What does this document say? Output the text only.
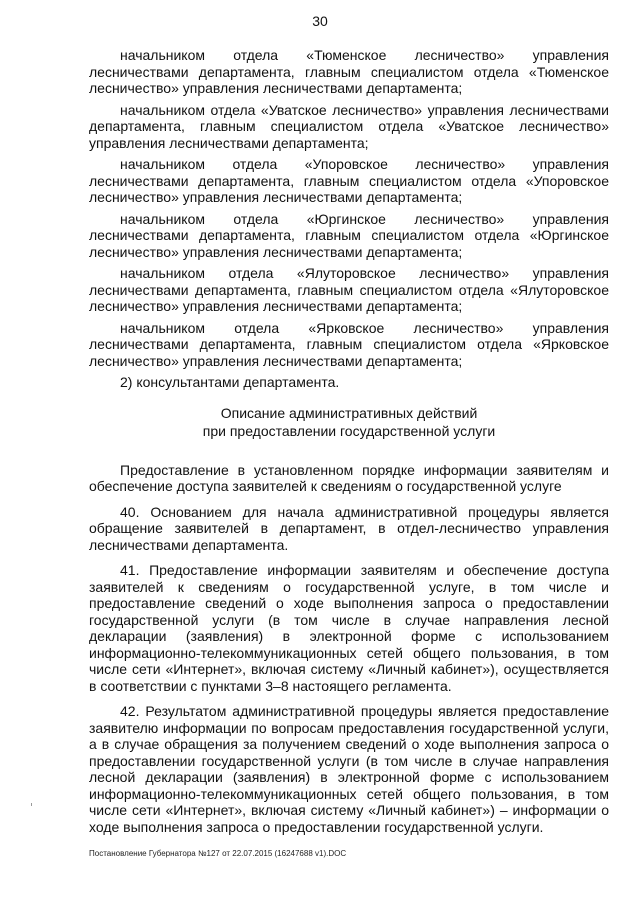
30

начальником отдела «Тюменское лесничество» управления лесничествами департамента, главным специалистом отдела «Тюменское лесничество» управления лесничествами департамента;

начальником отдела «Уватское лесничество» управления лесничествами департамента, главным специалистом отдела «Уватское лесничество» управления лесничествами департамента;

начальником отдела «Упоровское лесничество» управления лесничествами департамента, главным специалистом отдела «Упоровское лесничество» управления лесничествами департамента;

начальником отдела «Юргинское лесничество» управления лесничествами департамента, главным специалистом отдела «Юргинское лесничество» управления лесничествами департамента;

начальником отдела «Ялуторовское лесничество» управления лесничествами департамента, главным специалистом отдела «Ялуторовское лесничество» управления лесничествами департамента;

начальником отдела «Ярковское лесничество» управления лесничествами департамента, главным специалистом отдела «Ярковское лесничество» управления лесничествами департамента;

2) консультантами департамента.

Описание административных действий
при предоставлении государственной услуги

Предоставление в установленном порядке информации заявителям и обеспечение доступа заявителей к сведениям о государственной услуге

40. Основанием для начала административной процедуры является обращение заявителей в департамент, в отдел-лесничество управления лесничествами департамента.

41. Предоставление информации заявителям и обеспечение доступа заявителей к сведениям о государственной услуге, в том числе и предоставление сведений о ходе выполнения запроса о предоставлении государственной услуги (в том числе в случае направления лесной декларации (заявления) в электронной форме с использованием информационно-телекоммуникационных сетей общего пользования, в том числе сети «Интернет», включая систему «Личный кабинет»), осуществляется в соответствии с пунктами 3–8 настоящего регламента.

42. Результатом административной процедуры является предоставление заявителю информации по вопросам предоставления государственной услуги, а в случае обращения за получением сведений о ходе выполнения запроса о предоставлении государственной услуги (в том числе в случае направления лесной декларации (заявления) в электронной форме с использованием информационно-телекоммуникационных сетей общего пользования, в том числе сети «Интернет», включая систему «Личный кабинет») – информации о ходе выполнения запроса о предоставлении государственной услуги.

Постановление Губернатора №127 от 22.07.2015 (16247688 v1).DOC
